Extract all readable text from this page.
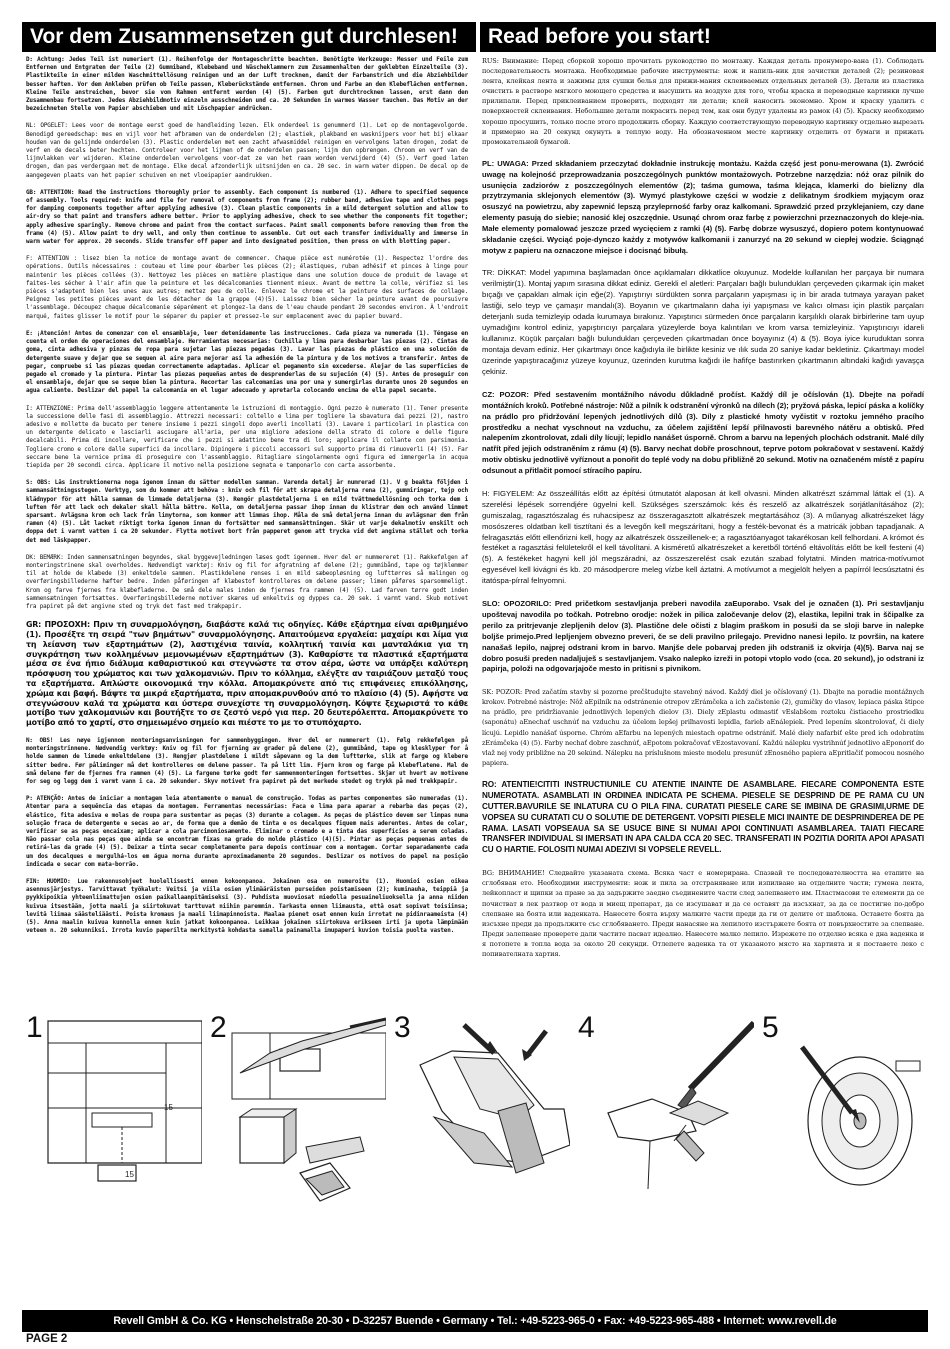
Vor dem Zusammensetzen gut durchlesen!	Read before you start!

D: Achtung: Jedes Teil ist numeriert (1). Reihenfolge der Montageschritte beachten. Benötigte Werkzeuge: Messer und Feile zum Entfernen und Entgraten der Teile (2) Gummiband, Klebeband und Wäscheklammern zum Zusammenhalten der geklebten Einzelteile (3). Plastikteile in einer milden Waschmittellösung reinigen und an der Luft trocknen, damit der Farbanstrich und die Abziehbilder besser haften. Vor dem Ankleben prüfen ob Teile passen, Kleberückstände entfernen. Chrom und Farbe an den Klebeflächen entfernen. Kleine Teile anstreichen, bevor sie vom Rahmen entfernt werden (4) (5). Farben gut durchtrocknen lassen, erst dann den Zusammenbau fortsetzen. Jedes Abziehbildmotiv einzeln ausschneiden und ca. 20 Sekunden in warmes Wasser tauchen. Das Motiv an der bezeichneten Stelle vom Papier abschieben und mit Löschpapier andrücken.

NL: OPGELET: Lees voor de montage eerst goed de handleiding lezen. Elk onderdeel is genummerd (1). Let op de montagevolgorde. Benodigd gereedschap: mes en vijl voor het afbramen van de onderdelen (2); elastiek, plakband en wasknijpers voor het bij elkaar houden van de gelijmde onderdelen (3). Plastic onderdelen met een zacht afwasmiddel reinigen en vervolgens laten drogen, zodat de verf en de decals beter hechten. Controleer voor het lijmen of de onderdelen passen; lijm dun opbrengen. Chroom en verf van de lijmvlakken ver wijderen. Kleine onderdelen vervolgens voor-dat ze van het raam worden verwijderd (4) (5). Verf goed laten drogen, dan pas verdergaan met de montage. Elke decal afzonderlijk uitsnijden en ca. 20 sec. in warm water dippen. De decal op de aangegeven plaats van het papier schuiven en met vloeipapier aandrukken.

GB: ATTENTION: Read the instructions thoroughly prior to assembly. Each component is numbered (1). Adhere to specified sequence of assembly. Tools required: knife and file for removal of components from frame (2); rubber band, adhesive tape and clothes pegs for damping components together after applying adhesive (3). Clean plastic components in a mild detergent solution and allow to air-dry so that paint and transfers adhere better. Prior to applying adhesive, check to see whether the components fit together; apply adhesive sparingly. Remove chrome and paint from the contact surfaces. Paint small components before removing them from the frame (4) (5). Allow paint to dry well, and only then continue to assemble. Cut out each transfer individually and immerse in warm water for approx. 20 seconds. Slide transfer off paper and into designated position, then press on with blotting paper.

F: ATTENTION : lisez bien la notice de montage avant de commencer. Chaque pièce est numérotée (1). Respectez l'ordre des opérations. Outils nécessaires : couteau et lime pour ébarber les pièces (2); élastiques, ruban adhésif et pinces à linge pour maintenir les pièces collées (3). Nettoyez les pièces en matière plastique dans une solution douce de produit de lavage et faites-les sécher à l'air afin que la peinture et les décalcomanies tiennent mieux. Avant de mettre la colle, vérifiez si les pièces s'adaptent bien les unes aux autres; mettez peu de colle. Enlevez le chrome et la peinture des surfaces de collage. Peignez les petites pièces avant de les détacher de la grappe (4)(5). Laissez bien sécher la peinture avant de poursuivre l'assemblage. Découpez chaque décalcomanie séparément et plongez-la dans de l'eau chaude pendant 20 secondes environ. À l'endroit marqué, faites glisser le motif pour le séparer du papier et pressez-le sur emplacement avec du papier buvard.

E: ¡Atención! Antes de comenzar con el ensamblaje, leer detenidamente las instrucciones. Cada pieza va numerada (1). Téngase en cuenta el orden de operaciones del ensamblaje. Herramientas necesarias: Cuchilla y lima para desbarbar las piezas (2). Cintas de goma, cinta adhesiva y pinzas de ropa para sujetar las piezas pegadas (3). Lavar las piezas de plástico en una solución de detergente suave y dejar que se sequen al aire para mejorar así la adhesión de la pintura y de los motivos a transferir. Antes de pegar, compruebe si las piezas quedan correctamente adaptadas. Aplicar el pegamento sin excederse. Alejar de las superficies de pegado el cromado y la pintura. Pintar las piezas pequeñas antes de desprenderlas de su sujeción (4) (5). Antes de proseguir con el ensamblaje, dejar que se seque bien la pintura. Recortar las calcomanías una por una y sumergirlas durante unos 20 segundos en agua caliente. Deslizar del papel la calcomanía en el lugar adecuado y apretarla colocando encima de ella papel secante.

I: ATTENZIONE: Prima dell'assemblaggio leggere attentamente le istruzioni di montaggio. Ogni pezzo è numerato (1). Tener presente la successione delle fasi di assemblaggio. Attrezzi necessari: coltello e lima per togliere la sbavatura dai pezzi (2), nastro adesivo e mollette da bucato per tenere insieme i pezzi singoli dopo averli incollati (3). Lavare i particolari in plastica con un detergente delicato e lasciarli asciugare all'aria, per una migliore adesione della strato di colore e delle figure decalcabili. Prima di incollare, verificare che i pezzi si adattino bene tra di loro; applicare il collante con parsimonia. Togliere cromo e colore dalle superfici da incollare. Dipingere i piccoli accessori sul supporto prima di rimuoverli (4) (5). Far seccare bene la vernice prima di proseguire con l'assemblaggio. Ritagliare singolarmente ogni figura ed immergerla in acqua tiepida per 20 secondi circa. Applicare il motivo nella posizione segnata e tamponarlo con carta assorbente.

S: OBS: Läs instruktionerna noga igenom innan du sätter modellen samman. Varenda detalj är numrerad (1). V g beakta följden i sammansättningsstegen. Verktyg, som du kommer att behöva : kniv och fil för att skrapa detaljerna rena (2), gummiringar, tejp och klädnypor för att hålla samman de limmade detaljerna (3). Rengör plastdetaljerna i en mild tvättmedellösning och torka dem i luften för att lack och dekaler skall hålla bättre. Kolla, om detaljerna passar ihop innan du klistrar dem och använd limmet sparsamt. Avlägsna krom och lack från limytorna, som kommer att limmas ihop. Måla de små detaljerna innan du avlägsnar dem från ramen (4) (5). Låt lacket riktigt torka igenom innan du fortsätter med sammansättningen. Skär ut varje dekalmotiv enskilt och doppa det i varmt vatten i ca 20 sekunder. Flytta motivet bort från papperet genom att trycka vid det angivna stället och torka det med läskpapper.

DK: BEMÆRK: Inden sammensætningen begyndes, skal byggevejledningen læses godt igennem. Hver del er nummereret (1). Rækkefølgen af monteringstrinene skal overholdes. Nødvendigt værktøj: Kniv og fil for afgratning af delene (2); gummibånd, tape og tøjklemmer til at holde de klæbede (3) enkeltdele sammen. Plastikdelene renses i en mild sæbeopløsning og lufttørres så malingen og overføringsbillederne hæfter bedre. Inden påføringen af klæbestof kontrolleres om delene passer; limen påføres sparsommeligt. Krom og farve fjernes fra klæbefladerne. De små dele males inden de fjernes fra rammen (4) (5). Lad farven tørre godt inden sammensætningen fortsættes. Overføringsbillederne motiver skæres ud enkeltvis og dyppes ca. 20 sek. i varmt vand. Skub motivet fra papiret på det angivne sted og tryk det fast med trækpapir.

GR: ΠΡΟΣΟΧΗ: Πριν τη συναρμολόγηση, διαβάστε καλά τις οδηγίες. Κάθε εξάρτημα είναι αριθμημένο (1). Προσέξτε τη σειρά "των βημάτων" συναρμολόγησης. Απαιτούμενα εργαλεία: μαχαίρι και λίμα για τη λείανση των εξαρτημάτων (2), λαστιχένια ταινία, κολλητική ταινία και μανταλάκια για τη συγκράτηση των κολλημένων μεμονωμένων εξαρτημάτων (3). Καθαρίστε τα πλαστικά εξαρτήματα μέσα σε ένα ήπιο διάλυμα καθαριστικού και στεγνώστε τα στον αέρα, ώστε να υπάρξει καλύτερη πρόσφυση του χρώματος και των χαλκομανιών. Πριν το κόλλημα, ελέγξτε αν ταιριάζουν μεταξύ τους τα εξαρτήματα. Απλώστε οικονομικά την κόλλα. Απομακρύνετε από τις επιφάνειες επικόλλησης, χρώμα και βαφή. Βάψτε τα μικρά εξαρτήματα, πριν απομακρυνθούν από το πλαίσιο (4) (5). Αφήστε να στεγνώσουν καλά τα χρώματα και ύστερα συνεχίστε τη συναρμολόγηση. Κόψτε ξεχωριστά το κάθε μοτίβο των χαλκομανιών και βουτήξτε το σε ζεστό νερό για περ. 20 δευτερόλεπτα. Απομακρύνετε το μοτίβο από το χαρτί, στο σημειωμένο σημείο και πιέστε το με το στυπόχαρτο.

N: OBS! Les nøye igjennom monteringsanvisningen for sammenbyggingen. Hver del er nummerert (1). Følg rekkefølgen på monteringstrinnene. Nødvendig verktøy: Kniv og fil for fjerning av grader på delene (2), gummibånd, tape og klesklyper for å holde sammen de limede enkeltdelene (3). Rengjør plastdelene i mildt såpevann og la dem lufttørke, slik at farge og klebere sitter bedre. Før påliminger må det kontrolleres om delene passer. Ta på litt lim. Fjern krom og farge på klebeflatene. Mal de små delene før de fjernes fra rammen (4) (5). La fargene tørke godt før sammenmonteringen fortsettes. Skjær ut hvert av motivene for seg og legg dem i varmt vann i ca. 20 sekunder. Skyv motivet fra papiret på det merkede stedet og trykk på med trekkpapir.

P: ATENÇÃO: Antes de iniciar a montagem leia atentamente o manual de construção. Todas as partes componentes são numeradas (1). Atentar para a sequência das etapas da montagem. Ferramentas necessárias: Faca e lima para aparar a rebarba das peças (2), elástico, fita adesiva e molas de roupa para sustentar as peças (3) durante a colagem. As peças de plástico devem ser limpas numa solução fraca de detergente e secas ao ar, de forma que a demão de tinta e os decalques fiquem mais aderentes. Antes de colar, verificar se as peças encaixam; aplicar a cola parcimoniosamente. Eliminar o cromado e a tinta das superfícies a serem coladas. Não passar cola nas peças que ainda se encontram fixas na grade do molde plástico (4)(5). Pintar as peças pequenas antes de retirá-las da grade (4) (5). Deixar a tinta secar completamente para depois continuar com a montagem. Cortar separadamente cada um dos decalques e mergulhá-los em água morna durante aproximadamente 20 segundos. Deslizar os motivos do papel na posição indicada e secar com mata-borrão.

FIN: HUOMIO: Lue rakennusohjeet huolellisesti ennen kokoonpanoa. Jokainen osa on numeroitu (1). Huomioi osien oikea asennusjärjestys. Tarvittavat työkalut: Veitsi ja viila osien ylimääräisten purseiden poistamiseen (2); kuminauha, teippiä ja pyykkipoikia yhteenliimattujen osien paikallaanpitämiseksi (3). Puhdista muoviosat miedolla pesuaineliuoksella ja anna niiden kuivua itsestään, jotta maali ja siirtokuvat tarttuvat niihin paremmin. Tarkasta ennen liimausta, että osat sopivat toisiinsa; levitä liimaa säästeliäästi. Poista kromaus ja maali liimapinnoista. Maalaa pienet osat ennen kuin irrotat ne pidinraameista (4) (5). Anna maalin kuivua kunnolla ennen kuin jatkat kokoonpanoa. Leikkaa jokainen siirtokuva erikseen irti ja upota lämpimään veteen n. 20 sekunniksi. Irrota kuvio paperilta merkitystä kohdasta samalla painamalla imupaperi kuvion toisia puolta vasten.

RUS: Внимание: Перед сборкой хорошо прочитать руководство по монтажу. Каждая деталь пронумеро-вана (1). Соблюдать последовательность монтажа. Необходимые рабочие инструменты: нож и напиль-ник для зачистки деталей (2); резиновая лента, клейкая лента и зажимы для сушки белья для прижи-мания склеиваемых отдельных деталей (3). Детали из пластика очистить в растворе мягкого моющего средства и высушить на воздухе для того, чтобы краска и переводные картинки лучше прилипали. Перед приклеиванием проверить, подходят ли детали; клей наносить экономно. Хром и краску удалить с поверхностей склеивания. Небольшие детали покрасить перед тем, как они будут удалены из рамок (4) (5). Краску необходимо хорошо просушить, только после этого продолжить сборку. Каждую соответствующую переводную картинку отдельно вырезать и примерно на 20 секунд окунуть в теплую воду. На обозначенном месте картинку отделить от бумаги и прижать промокательной бумагой.

PL: UWAGA: Przed składaniem przeczytać dokładnie instrukcję montażu. Każda część jest ponu-merowana (1). Zwrócić uwagę na kolejność przeprowadzania poszczególnych punktów montażowych. Potrzebne narzędzia: nóż oraz pilnik do usunięcia zadziorów z poszczególnych elementów (2); taśma gumowa, taśma klejąca, klamerki do bielizny dla przytrzymania sklejonych elementów (3). Wymyć plastykowe części w wodzie z delikatnym środkiem myjącym oraz osuszyć na powietrzu, aby zapewnić lepszą przyleprność farby oraz kalkomani. Sprawdzić przed przyklejaniem, czy dane elementy pasują do siebie; nanosić klej oszczędnie. Usunąć chrom oraz farbę z powierzchni przeznaczonych do kleje-nia. Małe elementy pomalować jeszcze przed wycięciem z ramki (4) (5). Farbę dobrze wysuszyć, dopiero potem kontynuować składanie części. Wyciąć poje-dynczo każdy z motywów kalkomanii i zanurzyć na 20 sekund w ciepłej wodzie. Ściągnąć motyw z papieru na oznaczone miejsce i docisnąć bibułą.

TR: DİKKAT: Model yapımına başlamadan önce açıklamaları dikkatlice okuyunuz. Modelde kullanılan her parçaya bir numara verilmiştir(1). Montaj yapım sırasına dikkat ediniz. Gerekli el aletleri: Parçaları bağlı bulundukları çerçeveden çıkarmak için maket bıçağı ve çapakları almak için eğe(2). Yapıştırıyı sürdükten sonra parçaların yapışması iç in bir arada tutmaya yarayan paket lastiği, selo teyp ve çamaşır mandalı(3). Boyanın ve çıkartmaların daha iyi yapışması ve kalıcı olması için plastik parçaları deterjanlı suda temizleyip odada kurumaya bırakınız. Yapıştırıcı sürmeden önce parçaların karşılıklı olarak birbirlerine tam uyup uymadığını kontrol ediniz, yapıştırıcıyı parçalara yüzeylerde boya kalıntıları ve krom varsa temizleyiniz. Yapıştırıcıyı idareli kullanınız. Küçük parçaları bağlı bulundukları çerçeveden çıkartmadan önce boyayınız (4) & (5). Boya iyice kuruduktan sonra montaja devam ediniz. Her çıkartmayı önce kağıdıyla ile birlikte kesiniz ve ılık suda 20 saniye kadar bekletiniz. Çıkartmayı model üzerinde yapıştıracağınız yüzeye koyunuz, üzerinden kurutma kağıdı ile hafifçe bastırırken çıkartmanın altındaki kağıdı yavaşça çekiniz.

CZ: POZOR: Před sestavením montážního návodu důkladně pročíst. Každý díl je očíslován (1). Dbejte na pořadí montážních kroků. Potřebné nástroje: Nůž a pilník k odstranění výronků na dílech (2); pryžová páska, lepicí páska a kolíčky na prádlo pro přidržování lepených jednotlivých dílů (3). Díly z plastické hmoty vyčistit v roztoku jemného pracího prostředku a nechat vyschnout na vzduchu, za účelem zajištění lepší přilnavosti barevného nátěru a obtisků. Před nalepením zkontrolovat, zdali díly lícují; lepidlo nanášet úsporně. Chrom a barvu na lepených plochách odstranit. Malé díly natřít před jejich odstraněním z rámu (4) (5). Barvy nechat dobře proschnout, teprve potom pokračovat v sestavení. Každý motiv obtisku jednotlivě vyříznout a ponořit do teplé vody na dobu přibližně 20 sekund. Motiv na označeném místě z papíru odsunout a přitlačit pomocí stíracího papíru.

H: FIGYELEM: Az összeállítás előtt az építési útmutatót alaposan át kell olvasni. Minden alkatrészt számmal láttak el (1). A szerelési lépések sorrendjére ügyelni kell. Szükséges szerszámok: kés és reszelő az alkatrészek sorjátlanításához (2); gumiszalag, ragasztószalag és ruhacsipesz az összeragasztott alkatrészek megtartásához (3). A műanyag alkatrészeket lágy mosószeres oldatban kell tisztítani és a levegőn kell megszárítani, hogy a festék-bevonat és a matricák jobban tapadjanak. A felragasztás előtt ellenőrizni kell, hogy az alkatrészek összeillenek-e; a ragasztóanyagot takarékosan kell felhordani. A krómot és festéket a ragasztási felületekről el kell távolítani. A kisméretű alkatrészeket a keretből történő eltávolítás előtt be kell festeni (4) (5). A festékeket hagyni kell jól megszáradni, az összeszerelést csak ezután szabad folytatni. Minden matrica-motívumot egyesével kell kivágni és kb. 20 másodpercre meleg vízbe kell áztatni. A motívumot a megjelölt helyen a papírról lecsúsztatni és itatóspa-pírral felnyomni.

SLO: OPOZORILO: Pred pričetkom sestavljanja preberi navodila zaЕuporabo. Vsak del je označen (1). Pri sestavljanju upoštevaj navodila po točkah. Potrebno orodje: nožek in pilica zaločevanje delov (2), elastika, lepilni trak in ščipalke za perilo za pritrjevanje zlepljenih delov (3). Plastične dele očisti z blagim praškom in posuši da se sloji barve in nalepke boljše primejo.Pred lepljenjem obvezno preveri, če se deli pravilno prilegajo. Previdno nanesi lepilo. Iz površin, na katere nanašaš lepilo, najprej odstrani krom in barvo. Manjše dele pobarvaj preden jih odstraniš iz okvirja (4)(5). Barva naj se dobro posuši preden nadaljuješ s sestavljanjem. Vsako nalepko izreži in potopi vtoplo vodo (cca. 20 sekund), jo odstrani iz papirja, položi na odgovarjajoče mesto in pritisni s pivnikom.

SK: POZOR: Pred začatím stavby si pozorne prečštudujte stavebný návod. Každý diel je očíslovaný (1). Dbajte na poradie montážnych krokov. Potrebné nástroje: Nôž aЕpilník na odstránenie otrepov zЕrámčeka a ich začistenie (2), gumičky do vlasov, lepiaca páska štipce na prádlo, pre pridržiavanie jednotlivých lepených dielov (3). Diely zЕplastu odmastiť vЕslabšom roztoku čistiaceho prostriedku (saponátu) aЕnechať uschnúť na vzduchu za účelom lepšej priľnavosti lepidla, farieb aЕnálepiek. Pred lepením skontrolovať, či diely lícujú. Lepidlo nanášať úsporne. Chróm aЕfarbu na lepených miestach opatrne odstrániť. Malé diely nafarbiť ešte pred ich odobratím zЕrámčeka (4) (5). Farby nechať dobre zaschnúť, aЕpotom pokračovať vЕzostavovaní. Každú nálepku vystrihnúť jednotlivo aЕponoriť do vlaž nej vody približne na 20 sekúnd. Nálepku na príslušnom mieste modelu presunúť zЕnosného papiera aЕpritlačiť pomocou nosného papiera.

RO: ATENTIE!CITITI INSTRUCTIUNILE CU ATENTIE INAINTE DE ASAMBLARE. FIECARE COMPONENTA ESTE NUMEROTATA. ASAMBLATI IN ORDINEA INDICATA PE SCHEMA. PIESELE SE DESPRIND DE PE RAMA CU UN CUTTER.BAVURILE SE INLATURA CU O PILA FINA. CURATATI PIESELE CARE SE IMBINA DE GRASIMI,URME DE VOPSEA SU CURATATI CU O SOLUTIE DE DETERGENT. VOPSITI PIESELE MICI INAINTE DE DESPRINDEREA DE PE RAMA. LASATI VOPSEAUA SA SE USUCE BINE SI NUMAI APOI CONTINUATI ASAMBLAREA. TAIATI FIECARE TRANSFER INDIVIDUAL SI IMERSATI IN APA CALDA CCA 20 SEC. TRANSFERATI IN POZITIA DORITA APOI APASATI CU O HARTIE. FOLOSITI NUMAI ADEZIVI SI VOPSELE REVELL.

BG: ВНИМАНИЕ! Следвайте указаната схема. Всяка част е номерирана. Спазвай те последователността на етапите на сглобяван ето. Необходими инструменти: нож и пила за отстраняване или изпилване на отделните части; гумена лента, лейкопласт и щипки за пране за да задържите заедно съединените части след залепването им. Пластмасови те елементи да се почистват в лек разтвор от вода и миещ препарат, да се изсушават и да се оставят да изсъхнат, за да се постигне по-добро слепване на боята или ваденката. Нанесете боята върху малките части преди да ги от делите от шаблона. Оставете боята да изсъхне преди да продължите със сглобяването. Преди нанасяне на лепилото изстържете боята от повърхностите за слепване. Преди залепване проверете дали частите пасват идеално. Нанесете малко лепило. Изрежете по отделно всяка е дна ваденка и я потопете в топла вода за около 20 секунди. Отлепете ваденка та от указаното място на хартията и я поставете леко с попивателната хартия.

15
15
1	2	3	4	5
Revell GmbH & Co. KG • Henschelstraße 20-30 • D-32257 Buende • Germany • Tel.: +49-5223-965-0 • Fax: +49-5223-965-488 • Internet: www.revell.de
PAGE 2
